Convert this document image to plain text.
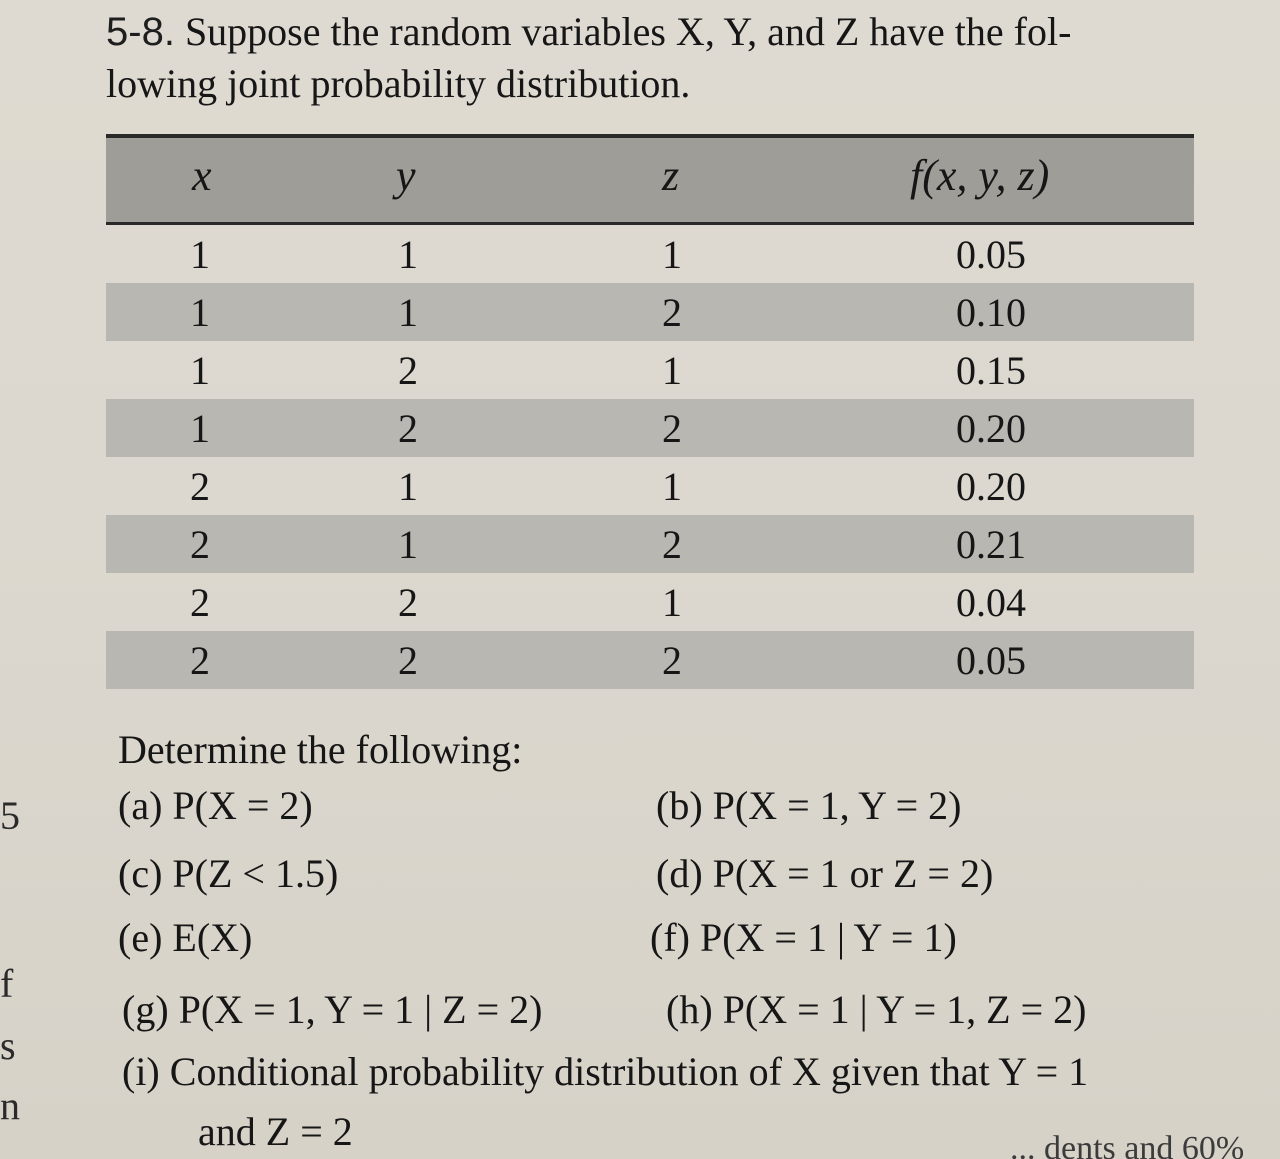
5
f
s
n
5-8. Suppose the random variables X, Y, and Z have the fol-
lowing joint probability distribution.
x	y	z	f(x, y, z)
1	1	1	0.05
1	1	2	0.10
1	2	1	0.15
1	2	2	0.20
2	1	1	0.20
2	1	2	0.21
2	2	1	0.04
2	2	2	0.05
Determine the following:
(a) P(X = 2)	(b) P(X = 1, Y = 2)
(c) P(Z < 1.5)	(d) P(X = 1 or Z = 2)
(e) E(X)	(f) P(X = 1 | Y = 1)
(g) P(X = 1, Y = 1 | Z = 2)	(h) P(X = 1 | Y = 1, Z = 2)
(i) Conditional probability distribution of X given that Y = 1
and Z = 2	... dents and 60%
